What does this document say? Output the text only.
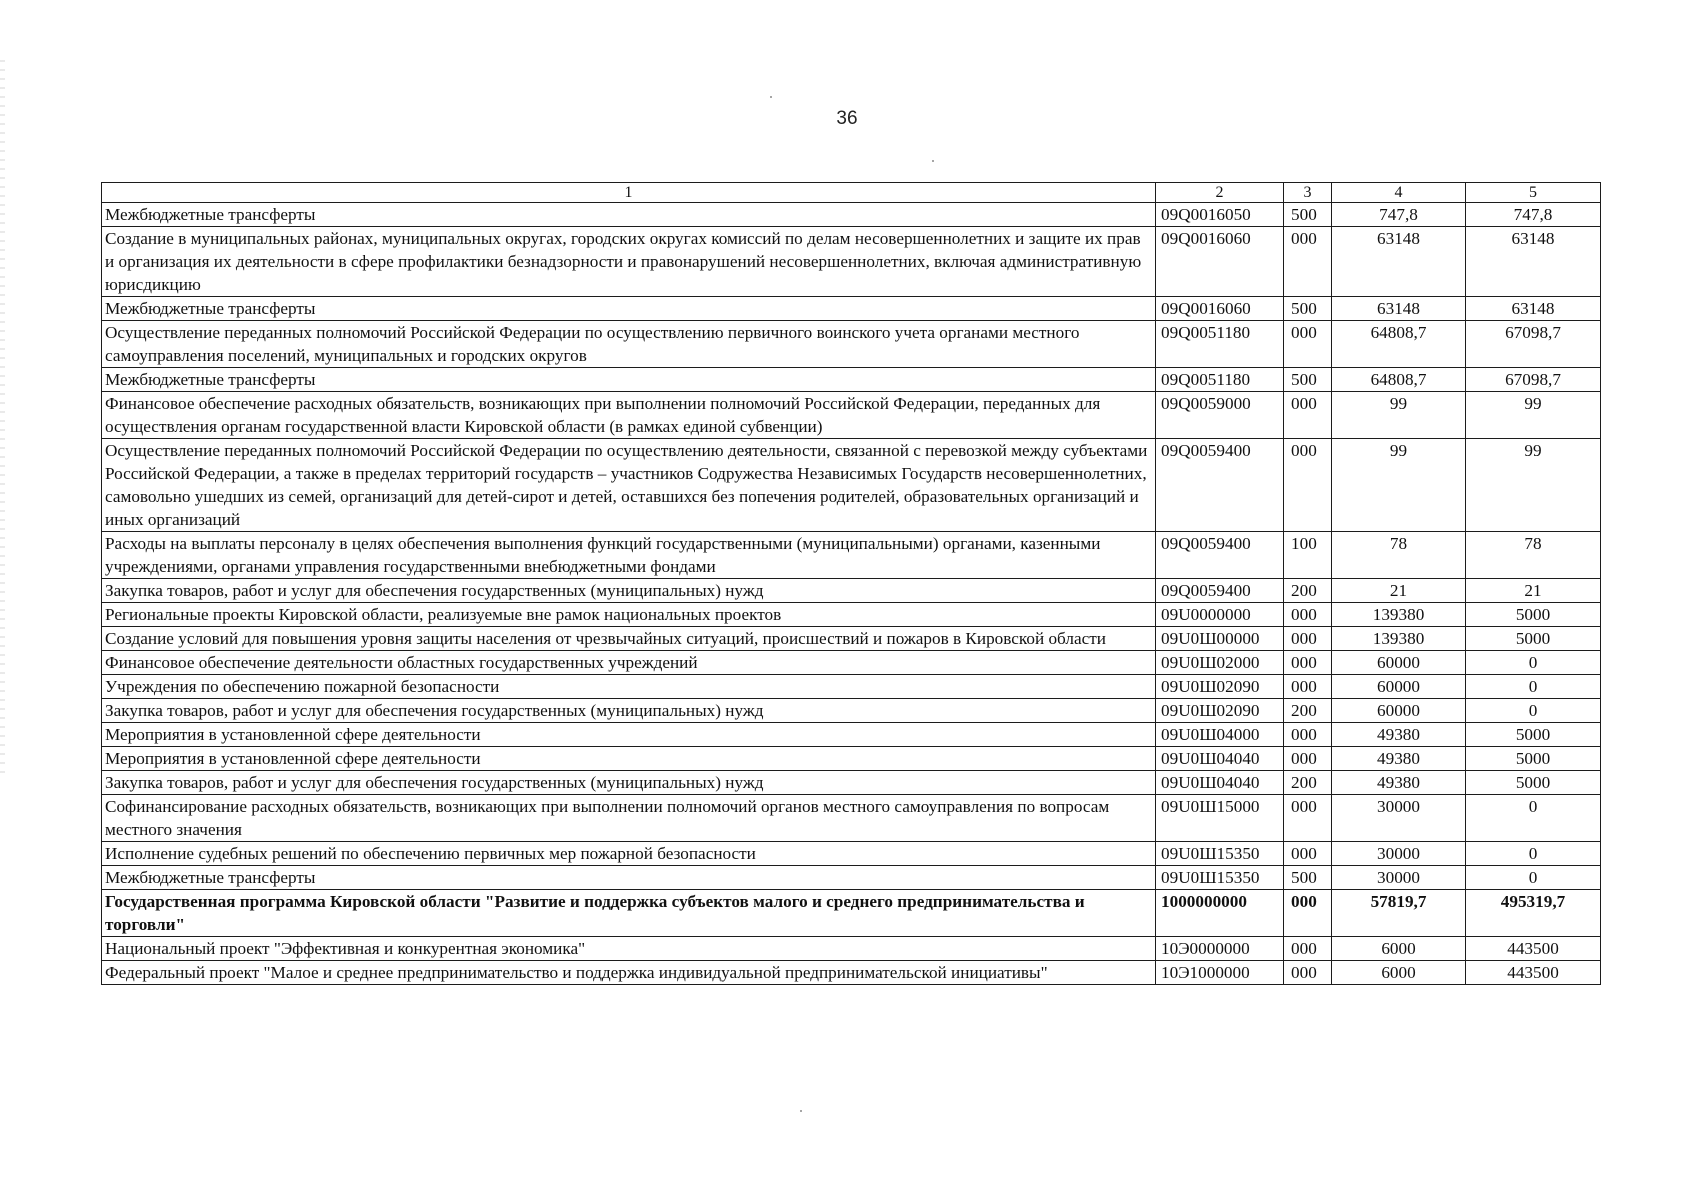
36
1	2	3	4	5
Межбюджетные трансферты	09Q0016050	500	747,8	747,8
Создание в муниципальных районах, муниципальных округах, городских округах комиссий по делам несовершеннолетних и защите их прав и организация их деятельности в сфере профилактики безнадзорности и правонарушений несовершеннолетних, включая административную юрисдикцию	09Q0016060	000	63148	63148
Межбюджетные трансферты	09Q0016060	500	63148	63148
Осуществление переданных полномочий Российской Федерации по осуществлению первичного воинского учета органами местного самоуправления поселений, муниципальных и городских округов	09Q0051180	000	64808,7	67098,7
Межбюджетные трансферты	09Q0051180	500	64808,7	67098,7
Финансовое обеспечение расходных обязательств, возникающих при выполнении полномочий Российской Федерации, переданных для осуществления органам государственной власти Кировской области (в рамках единой субвенции)	09Q0059000	000	99	99
Осуществление переданных полномочий Российской Федерации по осуществлению деятельности, связанной с перевозкой между субъектами Российской Федерации, а также в пределах территорий государств – участников Содружества Независимых Государств несовершеннолетних, самовольно ушедших из семей, организаций для детей-сирот и детей, оставшихся без попечения родителей, образовательных организаций и иных организаций	09Q0059400	000	99	99
Расходы на выплаты персоналу в целях обеспечения выполнения функций государственными (муниципальными) органами, казенными учреждениями, органами управления государственными внебюджетными фондами	09Q0059400	100	78	78
Закупка товаров, работ и услуг для обеспечения государственных (муниципальных) нужд	09Q0059400	200	21	21
Региональные проекты Кировской области, реализуемые вне рамок национальных проектов	09U0000000	000	139380	5000
Создание условий для повышения уровня защиты населения от чрезвычайных ситуаций, происшествий и пожаров в Кировской области	09U0Ш00000	000	139380	5000
Финансовое обеспечение деятельности областных государственных учреждений	09U0Ш02000	000	60000	0
Учреждения по обеспечению пожарной безопасности	09U0Ш02090	000	60000	0
Закупка товаров, работ и услуг для обеспечения государственных (муниципальных) нужд	09U0Ш02090	200	60000	0
Мероприятия в установленной сфере деятельности	09U0Ш04000	000	49380	5000
Мероприятия в установленной сфере деятельности	09U0Ш04040	000	49380	5000
Закупка товаров, работ и услуг для обеспечения государственных (муниципальных) нужд	09U0Ш04040	200	49380	5000
Софинансирование расходных обязательств, возникающих при выполнении полномочий органов местного самоуправления по вопросам местного значения	09U0Ш15000	000	30000	0
Исполнение судебных решений по обеспечению первичных мер пожарной безопасности	09U0Ш15350	000	30000	0
Межбюджетные трансферты	09U0Ш15350	500	30000	0
Государственная программа Кировской области "Развитие и поддержка субъектов малого и среднего предпринимательства и торговли"	1000000000	000	57819,7	495319,7
Национальный проект "Эффективная и конкурентная экономика"	10Э0000000	000	6000	443500
Федеральный проект "Малое и среднее предпринимательство и поддержка индивидуальной предпринимательской инициативы"	10Э1000000	000	6000	443500
